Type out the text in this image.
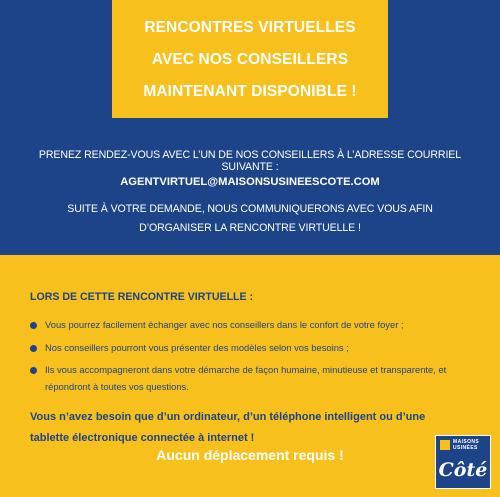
RENCONTRES VIRTUELLES
AVEC NOS CONSEILLERS
MAINTENANT DISPONIBLE !
PRENEZ RENDEZ-VOUS AVEC L’UN DE NOS CONSEILLERS À L’ADRESSE COURRIEL SUIVANTE :
AGENTVIRTUEL@MAISONSUSINEESCOTE.COM
SUITE À VOTRE DEMANDE, NOUS COMMUNIQUERONS AVEC VOUS AFIN D’ORGANISER LA RENCONTRE VIRTUELLE !
LORS DE CETTE RENCONTRE VIRTUELLE :
Vous pourrez facilement échanger avec nos conseillers dans le confort de votre foyer ;
Nos conseillers pourront vous présenter des modèles selon vos besoins ;
Ils vous accompagneront dans votre démarche de façon humaine, minutieuse et transparente, et répondront à toutes vos questions.
Vous n’avez besoin que d’un ordinateur, d’un téléphone intelligent ou d’une tablette électronique connectée à internet !
Aucun déplacement requis !
MAISONS
USINÉES
Côté
